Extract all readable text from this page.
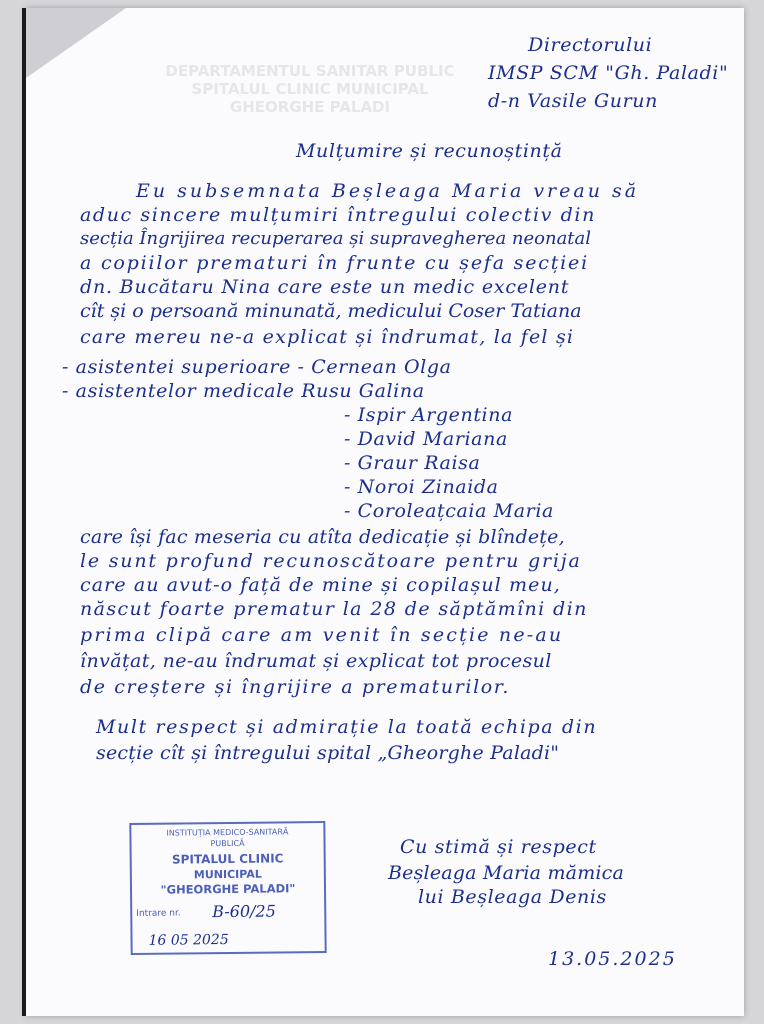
DEPARTAMENTUL SANITAR PUBLIC
SPITALUL CLINIC MUNICIPAL
GHEORGHE PALADI
Directorului
IMSP SCM "Gh. Paladi"
d-n Vasile Gurun
Mulțumire și recunoștință
Eu subsemnata Beșleaga Maria vreau să
aduc sincere mulțumiri întregului colectiv din
secția Îngrijirea recuperarea și supravegherea neonatal
a copiilor prematuri în frunte cu șefa secției
dn. Bucătaru Nina care este un medic excelent
cît și o persoană minunată, medicului Coser Tatiana
care mereu ne-a explicat și îndrumat, la fel și
- asistentei superioare - Cernean Olga
- asistentelor medicale Rusu Galina
- Ispir Argentina
- David Mariana
- Graur Raisa
- Noroi Zinaida
- Coroleațcaia Maria
care își fac meseria cu atîta dedicație și blîndețe,
le sunt profund recunoscătoare pentru grija
care au avut-o față de mine și copilașul meu,
născut foarte prematur la 28 de săptămîni din
prima clipă care am venit în secție ne-au
învățat, ne-au îndrumat și explicat tot procesul
de creștere și îngrijire a prematurilor.
Mult respect și admirație la toată echipa din
secție cît și întregului spital „Gheorghe Paladi"
Cu stimă și respect
Beșleaga Maria mămica
lui Beșleaga Denis
13.05.2025
INSTITUȚIA MEDICO-SANITARĂ
PUBLICĂ
SPITALUL CLINIC
MUNICIPAL
"GHEORGHE PALADI"
Intrare nr.	B-60/25
16 05 2025
